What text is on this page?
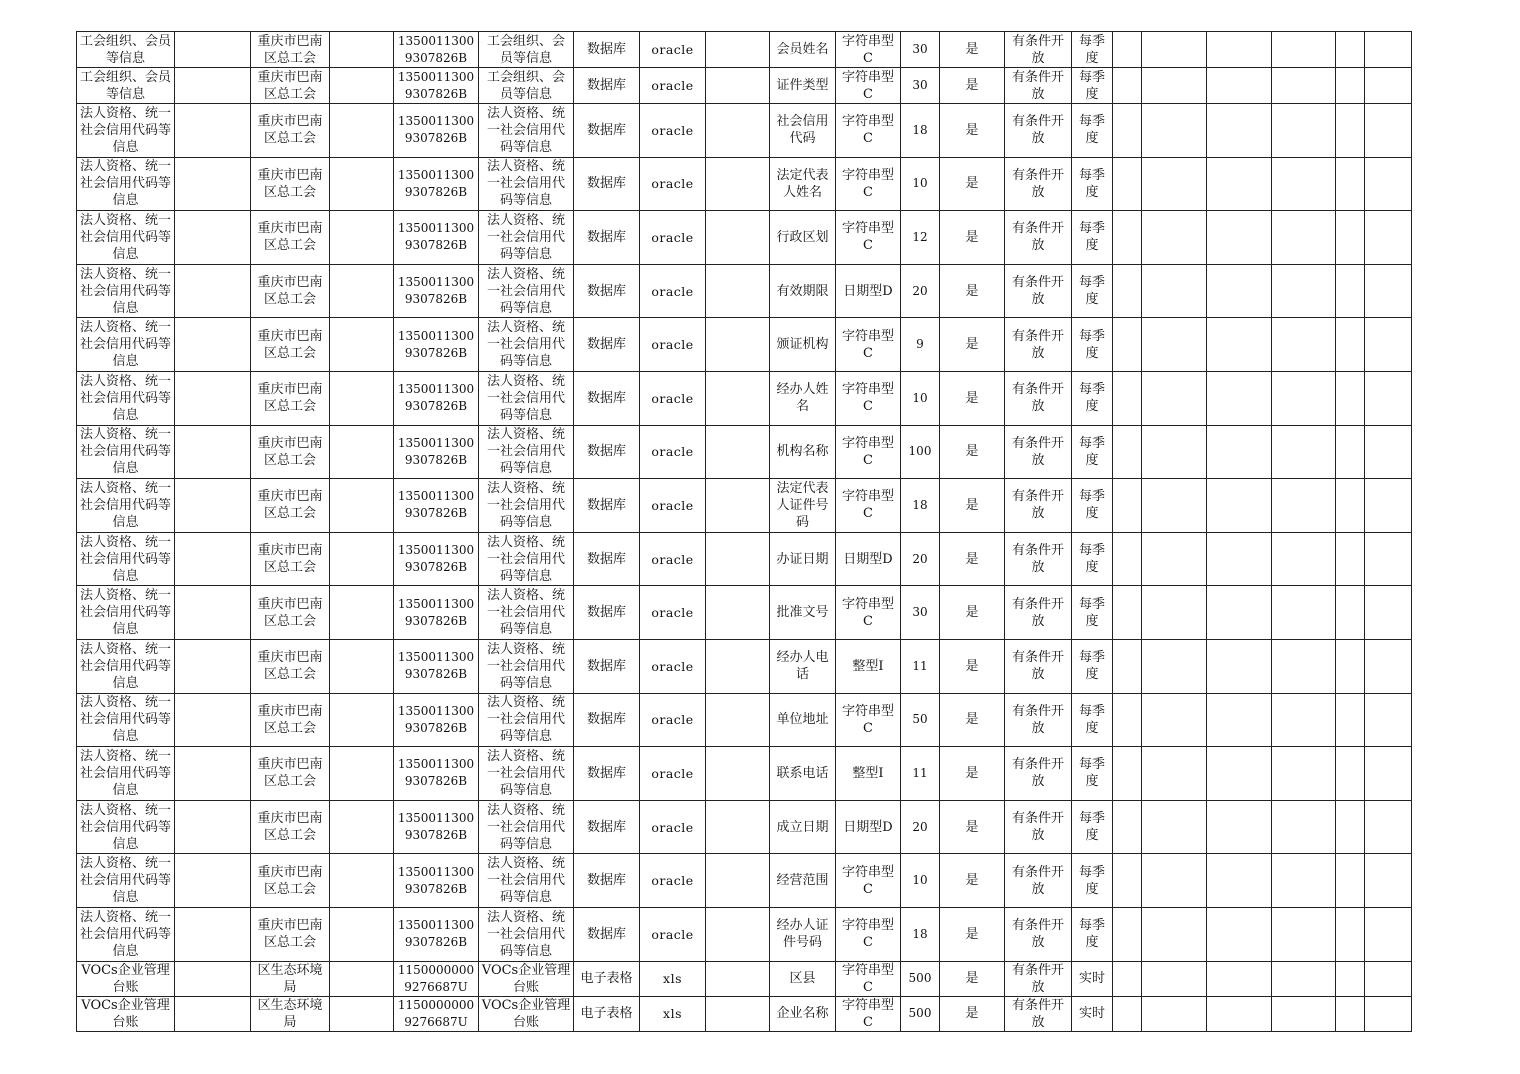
工会组织、会员等信息		重庆市巴南区总工会		13500113009307826B	工会组织、会员等信息	数据库	oracle		会员姓名	字符串型C	30	是	有条件开放	每季度						
工会组织、会员等信息		重庆市巴南区总工会		13500113009307826B	工会组织、会员等信息	数据库	oracle		证件类型	字符串型C	30	是	有条件开放	每季度						
法人资格、统一社会信用代码等信息		重庆市巴南区总工会		13500113009307826B	法人资格、统一社会信用代码等信息	数据库	oracle		社会信用代码	字符串型C	18	是	有条件开放	每季度						
法人资格、统一社会信用代码等信息		重庆市巴南区总工会		13500113009307826B	法人资格、统一社会信用代码等信息	数据库	oracle		法定代表人姓名	字符串型C	10	是	有条件开放	每季度						
法人资格、统一社会信用代码等信息		重庆市巴南区总工会		13500113009307826B	法人资格、统一社会信用代码等信息	数据库	oracle		行政区划	字符串型C	12	是	有条件开放	每季度						
法人资格、统一社会信用代码等信息		重庆市巴南区总工会		13500113009307826B	法人资格、统一社会信用代码等信息	数据库	oracle		有效期限	日期型D	20	是	有条件开放	每季度						
法人资格、统一社会信用代码等信息		重庆市巴南区总工会		13500113009307826B	法人资格、统一社会信用代码等信息	数据库	oracle		颁证机构	字符串型C	9	是	有条件开放	每季度						
法人资格、统一社会信用代码等信息		重庆市巴南区总工会		13500113009307826B	法人资格、统一社会信用代码等信息	数据库	oracle		经办人姓名	字符串型C	10	是	有条件开放	每季度						
法人资格、统一社会信用代码等信息		重庆市巴南区总工会		13500113009307826B	法人资格、统一社会信用代码等信息	数据库	oracle		机构名称	字符串型C	100	是	有条件开放	每季度						
法人资格、统一社会信用代码等信息		重庆市巴南区总工会		13500113009307826B	法人资格、统一社会信用代码等信息	数据库	oracle		法定代表人证件号码	字符串型C	18	是	有条件开放	每季度						
法人资格、统一社会信用代码等信息		重庆市巴南区总工会		13500113009307826B	法人资格、统一社会信用代码等信息	数据库	oracle		办证日期	日期型D	20	是	有条件开放	每季度						
法人资格、统一社会信用代码等信息		重庆市巴南区总工会		13500113009307826B	法人资格、统一社会信用代码等信息	数据库	oracle		批准文号	字符串型C	30	是	有条件开放	每季度						
法人资格、统一社会信用代码等信息		重庆市巴南区总工会		13500113009307826B	法人资格、统一社会信用代码等信息	数据库	oracle		经办人电话	整型I	11	是	有条件开放	每季度						
法人资格、统一社会信用代码等信息		重庆市巴南区总工会		13500113009307826B	法人资格、统一社会信用代码等信息	数据库	oracle		单位地址	字符串型C	50	是	有条件开放	每季度						
法人资格、统一社会信用代码等信息		重庆市巴南区总工会		13500113009307826B	法人资格、统一社会信用代码等信息	数据库	oracle		联系电话	整型I	11	是	有条件开放	每季度						
法人资格、统一社会信用代码等信息		重庆市巴南区总工会		13500113009307826B	法人资格、统一社会信用代码等信息	数据库	oracle		成立日期	日期型D	20	是	有条件开放	每季度						
法人资格、统一社会信用代码等信息		重庆市巴南区总工会		13500113009307826B	法人资格、统一社会信用代码等信息	数据库	oracle		经营范围	字符串型C	10	是	有条件开放	每季度						
法人资格、统一社会信用代码等信息		重庆市巴南区总工会		13500113009307826B	法人资格、统一社会信用代码等信息	数据库	oracle		经办人证件号码	字符串型C	18	是	有条件开放	每季度						
VOCs企业管理台账		区生态环境局		11500000009276687U	VOCs企业管理台账	电子表格	xls		区县	字符串型C	500	是	有条件开放	实时						
VOCs企业管理台账		区生态环境局		11500000009276687U	VOCs企业管理台账	电子表格	xls		企业名称	字符串型C	500	是	有条件开放	实时						
